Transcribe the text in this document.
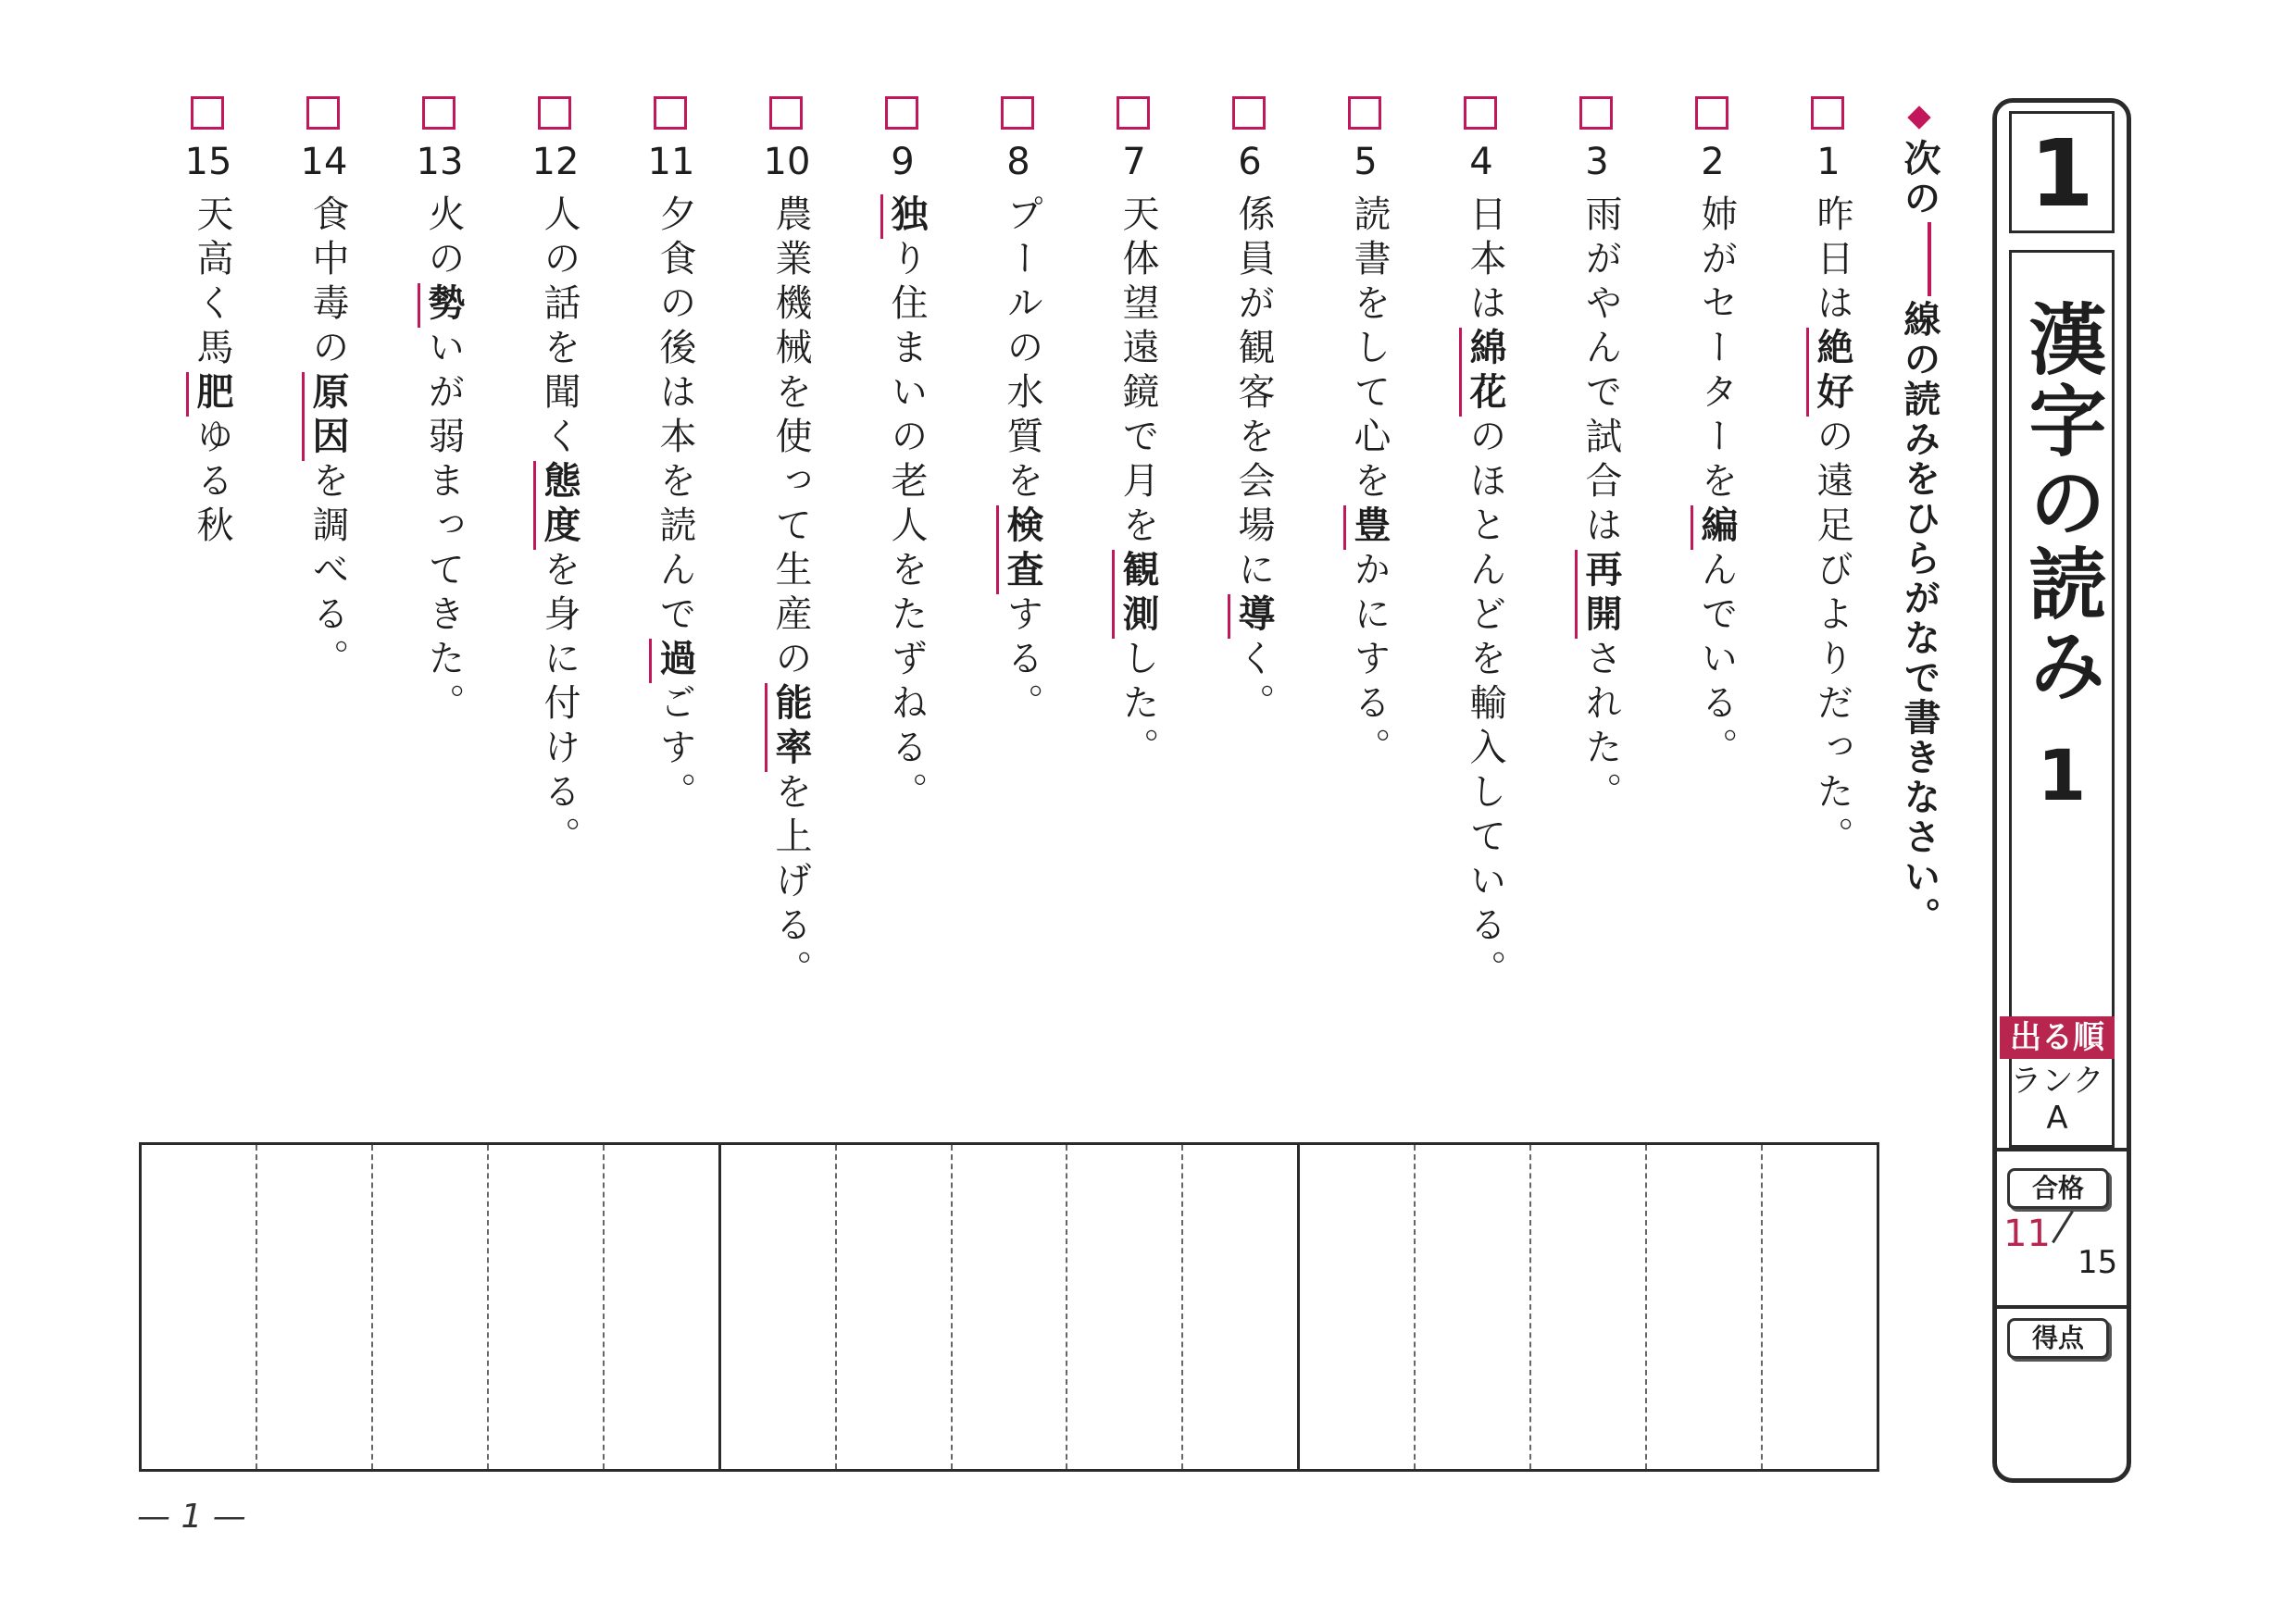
1
漢字の読み
1
出る順
ランク
A
合格
11
15
得点
次の線の読みをひらがなで書きなさい。
1
昨日は絶好の遠足びよりだった。
2
姉がセーターを編んでいる。
3
雨がやんで試合は再開された。
4
日本は綿花のほとんどを輸入している。
5
読書をして心を豊かにする。
6
係員が観客を会場に導く。
7
天体望遠鏡で月を観測した。
8
プールの水質を検査する。
9
独り住まいの老人をたずねる。
10
農業機械を使って生産の能率を上げる。
11
夕食の後は本を読んで過ごす。
12
人の話を聞く態度を身に付ける。
13
火の勢いが弱まってきた。
14
食中毒の原因を調べる。
15
天高く馬肥ゆる秋
— 1 —
